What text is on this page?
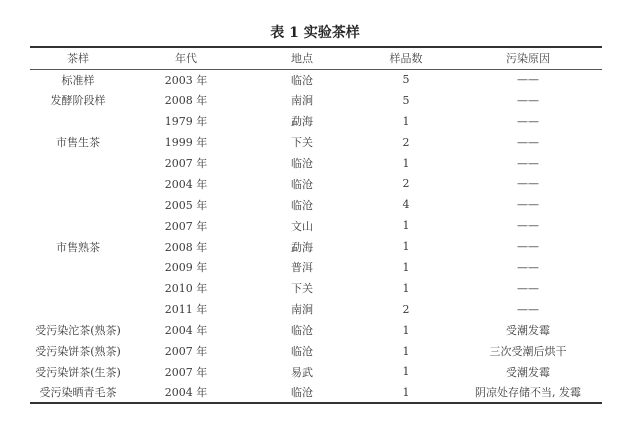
表 1 实验茶样
茶样	年代	地点	样品数	污染原因
标准样	2003 年	临沧	5	——
发酵阶段样	2008 年	南涧	5	——
	1979 年	勐海	1	——
市售生茶	1999 年	下关	2	——
	2007 年	临沧	1	——
	2004 年	临沧	2	——
	2005 年	临沧	4	——
	2007 年	文山	1	——
市售熟茶	2008 年	勐海	1	——
	2009 年	普洱	1	——
	2010 年	下关	1	——
	2011 年	南涧	2	——
受污染沱茶(熟茶)	2004 年	临沧	1	受潮发霉
受污染饼茶(熟茶)	2007 年	临沧	1	三次受潮后烘干
受污染饼茶(生茶)	2007 年	易武	1	受潮发霉
受污染晒青毛茶	2004 年	临沧	1	阴凉处存储不当, 发霉
